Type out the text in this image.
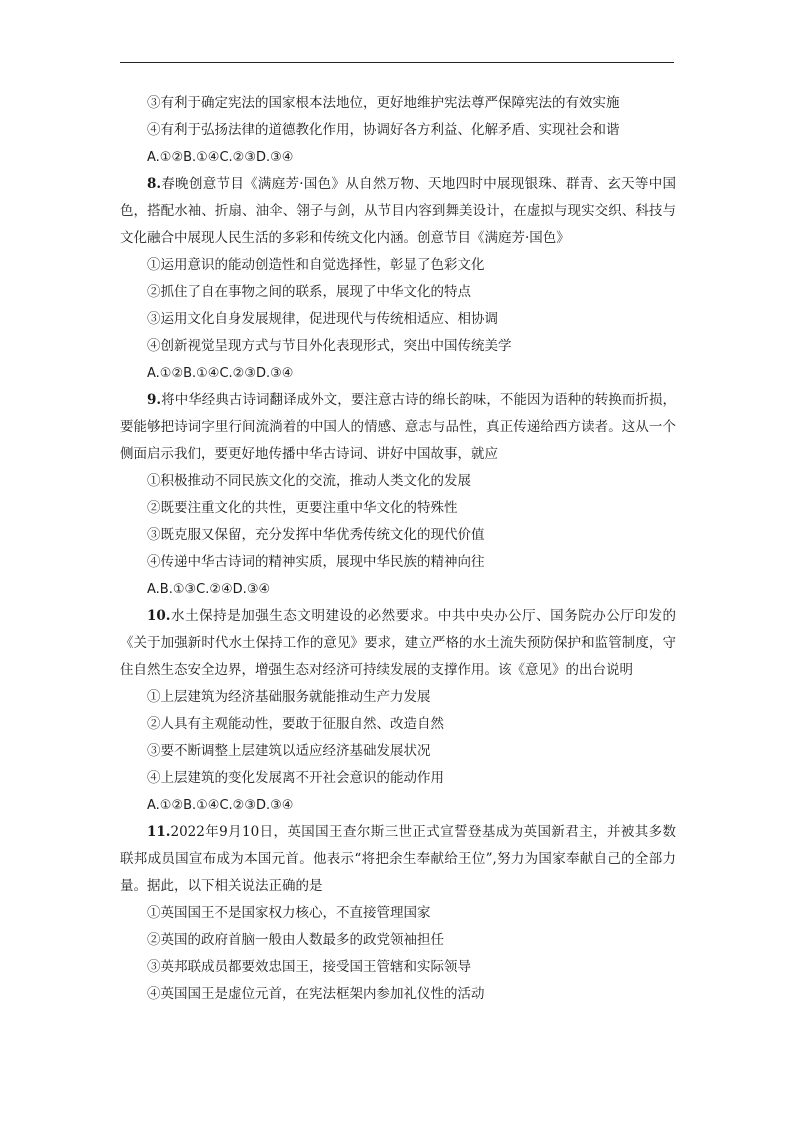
③有利于确定宪法的国家根本法地位，更好地维护宪法尊严保障宪法的有效实施
④有利于弘扬法律的道德教化作用，协调好各方利益、化解矛盾、实现社会和谐
A.①②B.①④C.②③D.③④
8.春晚创意节目《满庭芳·国色》从自然万物、天地四时中展现银珠、群青、玄天等中国色，搭配水袖、折扇、油伞、翎子与剑，从节目内容到舞美设计，在虚拟与现实交织、科技与文化融合中展现人民生活的多彩和传统文化内涵。创意节目《满庭芳·国色》
①运用意识的能动创造性和自觉选择性，彰显了色彩文化
②抓住了自在事物之间的联系，展现了中华文化的特点
③运用文化自身发展规律，促进现代与传统相适应、相协调
④创新视觉呈现方式与节目外化表现形式，突出中国传统美学
A.①②B.①④C.②③D.③④
9.将中华经典古诗词翻译成外文，要注意古诗的绵长韵味，不能因为语种的转换而折损，要能够把诗词字里行间流淌着的中国人的情感、意志与品性，真正传递给西方读者。这从一个侧面启示我们，要更好地传播中华古诗词、讲好中国故事，就应
①积极推动不同民族文化的交流，推动人类文化的发展
②既要注重文化的共性，更要注重中华文化的特殊性
③既克服又保留，充分发挥中华优秀传统文化的现代价值
④传递中华古诗词的精神实质，展现中华民族的精神向往
A.B.①③C.②④D.③④
10.水土保持是加强生态文明建设的必然要求。中共中央办公厅、国务院办公厅印发的《关于加强新时代水土保持工作的意见》要求，建立严格的水土流失预防保护和监管制度，守住自然生态安全边界，增强生态对经济可持续发展的支撑作用。该《意见》的出台说明
①上层建筑为经济基础服务就能推动生产力发展
②人具有主观能动性，要敢于征服自然、改造自然
③要不断调整上层建筑以适应经济基础发展状况
④上层建筑的变化发展离不开社会意识的能动作用
A.①②B.①④C.②③D.③④
11.2022年9月10日，英国国王查尔斯三世正式宣誓登基成为英国新君主，并被其多数联邦成员国宣布成为本国元首。他表示“将把余生奉献给王位”,努力为国家奉献自己的全部力量。据此，以下相关说法正确的是
①英国国王不是国家权力核心，不直接管理国家
②英国的政府首脑一般由人数最多的政党领袖担任
③英邦联成员都要效忠国王，接受国王管辖和实际领导
④英国国王是虚位元首，在宪法框架内参加礼仪性的活动
